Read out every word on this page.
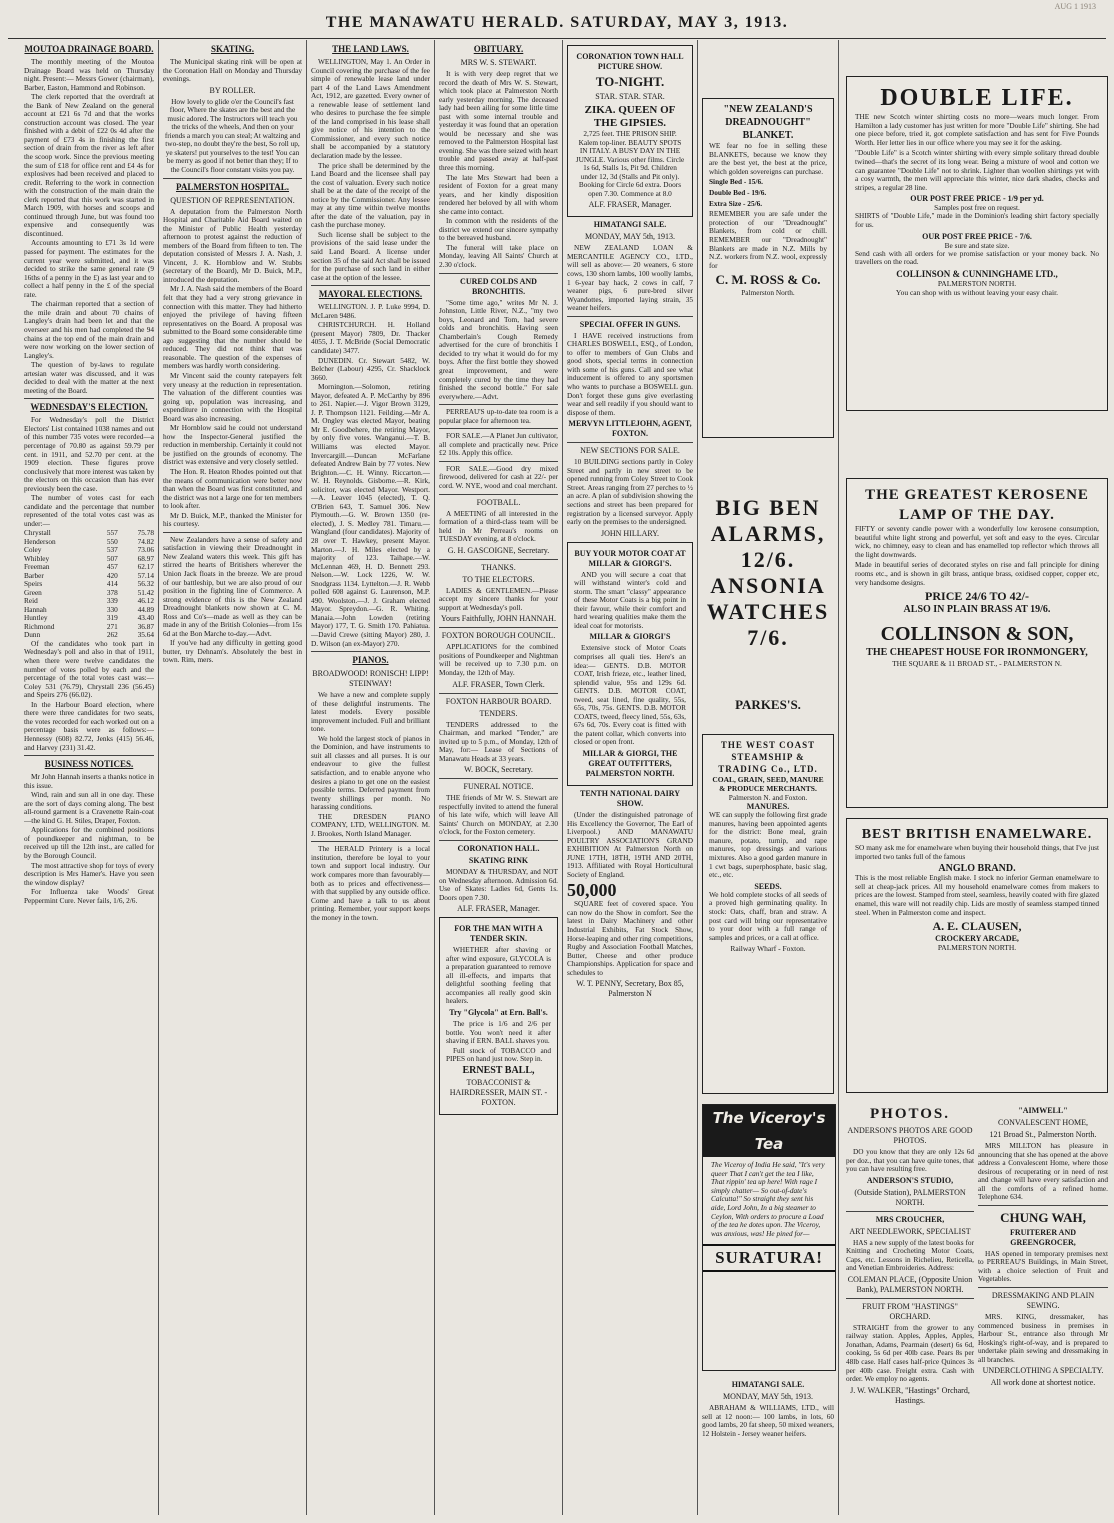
AUG 1 1913
THE MANAWATU HERALD. SATURDAY, MAY 3, 1913.
MOUTOA DRAINAGE BOARD.

The monthly meeting of the Moutoa Drainage Board was held on Thursday night. Present:— Messrs Gower (chairman), Barber, Easton, Hammond and Robinson.

The clerk reported that the overdraft at the Bank of New Zealand on the general account at £21 6s 7d and that the works construction account was closed. The year finished with a debit of £22 0s 4d after the payment of £73 4s in finishing the first section of drain from the river as left after the scoop work. Since the previous meeting the sum of £18 for office rent and £4 4s for explosives had been received and placed to credit. Referring to the work in connection with the construction of the main drain the clerk reported that this work was started in March 1909, with horses and scoops and continued through June, but was found too expensive and consequently was discontinued.

Accounts amounting to £71 3s 1d were passed for payment. The estimates for the current year were submitted, and it was decided to strike the same general rate (9 16ths of a penny in the £) as last year and to collect a half penny in the £ of the special rate.

The chairman reported that a section of the mile drain and about 70 chains of Langley's drain had been let and that the overseer and his men had completed the 94 chains at the top end of the main drain and were now working on the lower section of Langley's.

The question of by-laws to regulate artesian water was discussed, and it was decided to deal with the matter at the next meeting of the Board.

WEDNESDAY'S ELECTION.

For Wednesday's poll the District Electors' List contained 1038 names and out of this number 735 votes were recorded—a percentage of 70.80 as against 59.79 per cent. in 1911, and 52.70 per cent. at the 1909 election. These figures prove conclusively that more interest was taken by the electors on this occasion than has ever previously been the case.

The number of votes cast for each candidate and the percentage that number represented of the total votes cast was as under:—

Chrystall	557	75.78
Henderson	550	74.82
Coley	537	73.06
Whibley	507	68.97
Freeman	457	62.17
Barber	420	57.14
Speirs	414	56.32
Green	378	51.42
Reid	339	46.12
Hannah	330	44.89
Huntley	319	43.40
Richmond	271	36.87
Dunn	262	35.64

Of the candidates who took part in Wednesday's poll and also in that of 1911, when there were twelve candidates the number of votes polled by each and the percentage of the total votes cast was:— Coley 531 (76.79), Chrystall 236 (56.45) and Speirs 276 (66.02).

In the Harbour Board election, where there were three candidates for two seats, the votes recorded for each worked out on a percentage basis were as follows:—Hennessy (608) 82.72, Jenks (415) 56.46, and Harvey (231) 31.42.

BUSINESS NOTICES.

Mr John Hannah inserts a thanks notice in this issue.

Wind, rain and sun all in one day. These are the sort of days coming along. The best all-round garment is a Cravenette Rain-coat—the kind G. H. Stiles, Draper, Foxton.

Applications for the combined positions of poundkeeper and nightman, to be received up till the 12th inst., are called for by the Borough Council.

The most attractive shop for toys of every description is Mrs Hamer's. Have you seen the window display?

For Influenza take Woods' Great Peppermint Cure. Never fails, 1/6, 2/6.

SKATING.

The Municipal skating rink will be open at the Coronation Hall on Monday and Thursday evenings.

BY ROLLER.

How lovely to glide o'er the Council's fast floor, Where the skates are the best and the music adored. The Instructors will teach you the tricks of the wheels, And then on your friends a march you can steal; At waltzing and two-step, no doubt they're the best, So roll up, ye skaters! put yourselves to the test! You can be merry as good if not better than they; If to the Council's floor constant visits you pay.

PALMERSTON HOSPITAL.
QUESTION OF REPRESENTATION.

A deputation from the Palmerston North Hospital and Charitable Aid Board waited on the Minister of Public Health yesterday afternoon to protest against the reduction of members of the Board from fifteen to ten. The deputation consisted of Messrs J. A. Nash, J. Vincent, J. K. Hornblow and W. Stubbs (secretary of the Board), Mr D. Buick, M.P., introduced the deputation.

Mr J. A. Nash said the members of the Board felt that they had a very strong grievance in connection with this matter. They had hitherto enjoyed the privilege of having fifteen representatives on the Board. A proposal was submitted to the Board some considerable time ago suggesting that the number should be reduced. They did not think that was reasonable. The question of the expenses of members was hardly worth considering.

Mr Vincent said the county ratepayers felt very uneasy at the reduction in representation. The valuation of the different counties was going up, population was increasing, and expenditure in connection with the Hospital Board was also increasing.

Mr Hornblow said he could not understand how the Inspector-General justified the reduction in membership. Certainly it could not be justified on the grounds of economy. The district was extensive and very closely settled.

The Hon. R. Heaton Rhodes pointed out that the means of communication were better now than when the Board was first constituted, and the district was not a large one for ten members to look after.

Mr D. Buick, M.P., thanked the Minister for his courtesy.

New Zealanders have a sense of safety and satisfaction in viewing their Dreadnought in New Zealand waters this week. This gift has stirred the hearts of Britishers wherever the Union Jack floats in the breeze. We are proud of our battleship, but we are also proud of our position in the fighting line of Commerce. A strong evidence of this is the New Zealand Dreadnought blankets now shown at C. M. Ross and Co's—made as well as they can be made in any of the British Colonies—from 15s 6d at the Bon Marche to-day.—Advt.

If you've had any difficulty in getting good butter, try Dehnam's. Absolutely the best in town. Rim, mers.

THE LAND LAWS.

WELLINGTON, May 1. An Order in Council covering the purchase of the fee simple of renewable lease land under part 4 of the Land Laws Amendment Act, 1912, are gazetted. Every owner of a renewable lease of settlement land who desires to purchase the fee simple of the land comprised in his lease shall give notice of his intention to the Commissioner, and every such notice shall be accompanied by a statutory declaration made by the lessee.

The price shall be determined by the Land Board and the licensee shall pay the cost of valuation. Every such notice shall be at the date of the receipt of the notice by the Commissioner. Any lessee may at any time within twelve months after the date of the valuation, pay in cash the purchase money.

Such license shall be subject to the provisions of the said lease under the said Land Board. A license under section 35 of the said Act shall be issued for the purchase of such land in either case at the option of the lessee.

MAYORAL ELECTIONS.

WELLINGTON. J. P. Luke 9994, D. McLaren 9486.

CHRISTCHURCH. H. Holland (present Mayor) 7809, Dr. Thacker 4055, J. T. McBride (Social Democratic candidate) 3477.

DUNEDIN. Cr. Stewart 5482, W. Belcher (Labour) 4295, Cr. Shacklock 3660.

Mornington.—Solomon, retiring Mayor, defeated A. P. McCarthy by 896 to 261. Napier.—J. Vigor Brown 3129, J. P. Thompson 1121. Feilding.—Mr A. M. Ongley was elected Mayor, beating Mr E. Goodbehere, the retiring Mayor, by only five votes. Wanganui.—T. B. Williams was elected Mayor. Invercargill.—Duncan McFarlane defeated Andrew Bain by 77 votes. New Brighton.—C. H. Winny. Riccarton.—W. H. Reynolds. Gisborne.—R. Kirk, solicitor, was elected Mayor. Westport.—A. Leaver 1045 (elected), T. Q. O'Brien 643, T. Samuel 306. New Plymouth.—G. W. Brown 1350 (re-elected), J. S. Medley 781. Timaru.—Wangland (four candidates). Majority of 28 over T. Hawkey, present Mayor. Marton.—J. H. Miles elected by a majority of 123. Taihape.—W. McLennan 469, H. D. Bennett 293. Nelson.—W. Lock 1226, W. W. Snodgrass 1134. Lyttelton.—J. R. Webb polled 608 against G. Laurenson, M.P. 490. Woolston.—J. J. Graham elected Mayor. Spreydon.—G. R. Whiting. Manaia.—John Lowden (retiring Mayor) 177, T. G. Smith 170. Pahiatua.—David Crewe (sitting Mayor) 280, J. D. Wilson (an ex-Mayor) 270.

PIANOS.
BROADWOOD! RONISCH! LIPP! STEINWAY!

We have a new and complete supply of these delightful instruments. The latest models. Every possible improvement included. Full and brilliant tone.

We hold the largest stock of pianos in the Dominion, and have instruments to suit all classes and all purses. It is our endeavour to give the fullest satisfaction, and to enable anyone who desires a piano to get one on the easiest possible terms. Deferred payment from twenty shillings per month. No harassing conditions.

THE DRESDEN PIANO COMPANY, LTD, WELLINGTON. M. J. Brookes, North Island Manager.

The HERALD Printery is a local institution, therefore be loyal to your town and support local industry. Our work compares more than favourably—both as to prices and effectiveness—with that supplied by any outside office. Come and have a talk to us about printing. Remember, your support keeps the money in the town.

OBITUARY.
MRS W. S. STEWART.

It is with very deep regret that we record the death of Mrs W. S. Stewart, which took place at Palmerston North early yesterday morning. The deceased lady had been ailing for some little time past with some internal trouble and yesterday it was found that an operation would be necessary and she was removed to the Palmerston Hospital last evening. She was there seized with heart trouble and passed away at half-past three this morning.

The late Mrs Stewart had been a resident of Foxton for a great many years, and her kindly disposition rendered her beloved by all with whom she came into contact.

In common with the residents of the district we extend our sincere sympathy to the bereaved husband.

The funeral will take place on Monday, leaving All Saints' Church at 2.30 o'clock.

CURED COLDS AND BRONCHITIS.

"Some time ago," writes Mr N. J. Johnston, Little River, N.Z., "my two boys, Leonard and Tom, had severe colds and bronchitis. Having seen Chamberlain's Cough Remedy advertised for the cure of bronchitis I decided to try what it would do for my boys. After the first bottle they showed great improvement, and were completely cured by the time they had finished the second bottle." For sale everywhere.—Advt.

PERREAU'S up-to-date tea room is a popular place for afternoon tea.

FOR SALE.—A Planet Jun cultivator, all complete and practically new. Price £2 10s. Apply this office.

FOR SALE.—Good dry mixed firewood, delivered for cash at 22/- per cord. W. NYE, wood and coal merchant.

FOOTBALL.

A MEETING of all interested in the formation of a third-class team will be held in Mr Perreau's rooms on TUESDAY evening, at 8 o'clock.

G. H. GASCOIGNE, Secretary.
THANKS.
TO THE ELECTORS.

LADIES & GENTLEMEN.—Please accept my sincere thanks for your support at Wednesday's poll.

Yours Faithfully, JOHN HANNAH.
FOXTON BOROUGH COUNCIL.

APPLICATIONS for the combined positions of Poundkeeper and Nightman will be received up to 7.30 p.m. on Monday, the 12th of May.

ALF. FRASER, Town Clerk.
FOXTON HARBOUR BOARD.
TENDERS.

TENDERS addressed to the Chairman, and marked "Tender," are invited up to 5 p.m., of Monday, 12th of May, for:— Lease of Sections of Manawatu Heads at 33 years.

W. BOCK, Secretary.
FUNERAL NOTICE.

THE friends of Mr W. S. Stewart are respectfully invited to attend the funeral of his late wife, which will leave All Saints' Church on MONDAY, at 2.30 o'clock, for the Foxton cemetery.

CORONATION HALL.
SKATING RINK

MONDAY & THURSDAY, and NOT on Wednesday afternoon. Admission 6d. Use of Skates: Ladies 6d, Gents 1s. Doors open 7.30.

ALF. FRASER, Manager.
FOR THE MAN WITH A TENDER SKIN.

WHETHER after shaving or after wind exposure, GLYCOLA is a preparation guaranteed to remove all ill-effects, and imparts that delightful soothing feeling that accompanies all really good skin healers.

Try "Glycola" at Ern. Ball's.

The price is 1/6 and 2/6 per bottle. You won't need it after shaving if ERN. BALL shaves you.

Full stock of TOBACCO and PIPES on hand just now. Step in.

ERNEST BALL,
TOBACCONIST & HAIRDRESSER, MAIN ST. - FOXTON.
CORONATION TOWN HALL PICTURE SHOW.
TO-NIGHT.
STAR. STAR. STAR.
ZIKA. QUEEN OF THE GIPSIES.

2,725 feet. THE PRISON SHIP. Kalem top-liner. BEAUTY SPOTS IN ITALY. A BUSY DAY IN THE JUNGLE. Various other films. Circle 1s 6d, Stalls 1s, Pit 9d. Children under 12, 3d (Stalls and Pit only). Booking for Circle 6d extra. Doors open 7.30. Commence at 8.0

ALF. FRASER, Manager.
HIMATANGI SALE.
MONDAY, MAY 5th, 1913.

NEW ZEALAND LOAN & MERCANTILE AGENCY CO., LTD., will sell as above:— 20 weaners, 6 store cows, 130 shorn lambs, 100 woolly lambs, 1 6-year bay hack, 2 cows in calf, 7 weaner pigs, 6 pure-bred silver Wyandottes, imported laying strain, 35 weaner heifers.

SPECIAL OFFER IN GUNS.

I HAVE received instructions from CHARLES BOSWELL, ESQ., of London, to offer to members of Gun Clubs and good shots, special terms in connection with some of his guns. Call and see what inducement is offered to any sportsmen who wants to purchase a BOSWELL gun. Don't forget these guns give everlasting wear and sell readily if you should want to dispose of them.

MERVYN LITTLEJOHN, AGENT, FOXTON.
NEW SECTIONS FOR SALE.

10 BUILDING sections partly in Coley Street and partly in new street to be opened running from Coley Street to Cook Street. Areas ranging from 27 perches to ½ an acre. A plan of subdivision showing the sections and street has been prepared for registration by a licensed surveyor. Apply early on the premises to the undersigned.

JOHN HILLARY.
BUY YOUR MOTOR COAT AT MILLAR & GIORGI'S.

AND you will secure a coat that will withstand winter's cold and storm. The smart "classy" appearance of these Motor Coats is a big point in their favour, while their comfort and hard wearing qualities make them the ideal coat for motorists.

MILLAR & GIORGI'S

Extensive stock of Motor Coats comprises all quali ties. Here's an idea:— GENTS. D.B. MOTOR COAT, Irish frieze, etc., leather lined, splendid value, 95s and 129s 6d. GENTS. D.B. MOTOR COAT, tweed, seat lined, fine quality, 55s, 65s, 70s, 75s. GENTS. D.B. MOTOR COATS, tweed, fleecy lined, 55s, 63s, 67s 6d, 70s. Every coat is fitted with the patent collar, which converts into closed or open front.

MILLAR & GIORGI, THE GREAT OUTFITTERS, PALMERSTON NORTH.
TENTH NATIONAL DAIRY SHOW.

(Under the distinguished patronage of His Excellency the Governor, The Earl of Liverpool.) AND MANAWATU POULTRY ASSOCIATION'S GRAND EXHIBITION At Palmerston North on JUNE 17TH, 18TH, 19TH AND 20TH, 1913. Affiliated with Royal Horticultural Society of England.

50,000

SQUARE feet of covered space. You can now do the Show in comfort. See the latest in Dairy Machinery and other Industrial Exhibits, Fat Stock Show, Horse-leaping and other ring competitions, Rugby and Association Football Matches, Butter, Cheese and other produce Championships. Application for space and schedules to

W. T. PENNY, Secretary, Box 85, Palmerston N
"NEW ZEALAND'S DREADNOUGHT" BLANKET.

WE fear no foe in selling these BLANKETS, because we know they are the best yet, the best at the price, which golden sovereigns can purchase.

Single Bed - 15/6.

Double Bed - 19/6.

Extra Size - 25/6.

REMEMBER you are safe under the protection of our "Dreadnought" Blankets, from cold or chill. REMEMBER our "Dreadnought" Blankets are made in N.Z. Mills by N.Z. workers from N.Z. wool, expressly for

C. M. ROSS & Co.
Palmerston North.
BIG BEN
ALARMS,
12/6.
ANSONIA
WATCHES
7/6.
PARKES'S.
THE WEST COAST STEAMSHIP & TRADING Co., LTD.
COAL, GRAIN, SEED, MANURE & PRODUCE MERCHANTS.
Palmerston N. and Foxton.
MANURES.

WE can supply the following first grade manures, having been appointed agents for the district: Bone meal, grain manure, potato, turnip, and rape manures, top dressings and various mixtures. Also a good garden manure in 1 cwt bags, superphosphate, basic slag, etc., etc.

SEEDS.

We hold complete stocks of all seeds of a proved high germinating quality. In stock: Oats, chaff, bran and straw. A post card will bring our representative to your door with a full range of samples and prices, or a call at office.

Railway Wharf - Foxton.
The Viceroy's Tea

The Viceroy of India He said, "It's very queer That I can't get the tea I like, That rippin' tea up here! With rage I simply chatter— So out-of-date's Calcutta!" So straight they sent his aide, Lord John, In a big steamer to Ceylon, With orders to procure a Load of the tea he dotes upon. The Viceroy, was anxious, was! He pined for—

SURATURA!
HIMATANGI SALE.
MONDAY, MAY 5th, 1913.

ABRAHAM & WILLIAMS, LTD., will sell at 12 noon:— 100 lambs, in lots, 60 good lambs, 20 fat sheep, 50 mixed weaners, 12 Holstein - Jersey weaner heifers.

DOUBLE LIFE.

THE new Scotch winter shirting costs no more—wears much longer. From Hamilton a lady customer has just written for more "Double Life" shirting. She had one piece before, tried it, got complete satisfaction and has sent for Five Pounds Worth. Her letter lies in our office where you may see it for the asking.

"Double Life" is a Scotch winter shirting with every simple solitary thread double twined—that's the secret of its long wear. Being a mixture of wool and cotton we can guarantee "Double Life" not to shrink. Lighter than woollen shirtings yet with a cosy warmth, the men will appreciate this winter, nice dark shades, checks and stripes, a regular 28 line.

OUR POST FREE PRICE - 1/9 per yd.
Samples post free on request.

SHIRTS of "Double Life," made in the Dominion's leading shirt factory specially for us.

OUR POST FREE PRICE - 7/6.
Be sure and state size.

Send cash with all orders for we promise satisfaction or your money back. No travellers on the road.

COLLINSON & CUNNINGHAME LTD.,
PALMERSTON NORTH.
You can shop with us without leaving your easy chair.
THE GREATEST KEROSENE LAMP OF THE DAY.

FIFTY or seventy candle power with a wonderfully low kerosene consumption, beautiful white light strong and powerful, yet soft and easy to the eyes. Circular wick, no chimney, easy to clean and has enamelled top reflector which throws all the light downwards.

Made in beautiful series of decorated styles on rise and fall principle for dining rooms etc., and is shown in gilt brass, antique brass, oxidised copper, copper etc, very handsome designs.

PRICE 24/6 TO 42/-
ALSO IN PLAIN BRASS AT 19/6.
COLLINSON & SON,
THE CHEAPEST HOUSE FOR IRONMONGERY,
THE SQUARE & 11 BROAD ST., - PALMERSTON N.
BEST BRITISH ENAMELWARE.

SO many ask me for enamelware when buying their household things, that I've just imported two tanks full of the famous

ANGLO BRAND.

This is the most reliable English make. I stock no inferior German enamelware to sell at cheap-jack prices. All my household enamelware comes from makers to prices are the lowest. Stamped from steel, seamless, heavily coated with fire glazed enamel, this ware will not readily chip. Lids are mostly of seamless stamped tinned steel. When in Palmerston come and inspect.

A. E. CLAUSEN,
CROCKERY ARCADE,
PALMERSTON NORTH.
PHOTOS.
ANDERSON'S PHOTOS ARE GOOD PHOTOS.

DO you know that they are only 12s 6d per doz., that you can have quite tones, that you can have resulting free.

ANDERSON'S STUDIO,
(Outside Station), PALMERSTON NORTH.
MRS CROUCHER,
ART NEEDLEWORK, SPECIALIST

HAS a new supply of the latest books for Knitting and Crocheting Motor Coats, Caps, etc. Lessons in Richelieu, Reticella, and Venetian Embroideries. Address:

COLEMAN PLACE, (Opposite Union Bank), PALMERSTON NORTH.
FRUIT FROM "HASTINGS" ORCHARD.

STRAIGHT from the grower to any railway station. Apples, Apples, Apples, Jonathan, Adams, Pearmain (desert) 6s 6d, cooking, 5s 6d per 40lb case. Pears 8s per 48lb case. Half cases half-price Quinces 3s per 40lb case. Freight extra. Cash with order. We employ no agents.

J. W. WALKER, "Hastings" Orchard, Hastings.
"AIMWELL"
CONVALESCENT HOME,
121 Broad St., Palmerston North.

MRS MILLTON has pleasure in announcing that she has opened at the above address a Convalescent Home, where those desirous of recuperating or in need of rest and change will have every satisfaction and all the comforts of a refined home. Telephone 634.

CHUNG WAH,
FRUITERER AND GREENGROCER,

HAS opened in temporary premises next to PERREAU'S Buildings, in Main Street, with a choice selection of Fruit and Vegetables.

DRESSMAKING AND PLAIN SEWING.

MRS. KING, dressmaker, has commenced business in premises in Harbour St., entrance also through Mr Hosking's right-of-way, and is prepared to undertake plain sewing and dressmaking in all branches.

UNDERCLOTHING A SPECIALTY.
All work done at shortest notice.
